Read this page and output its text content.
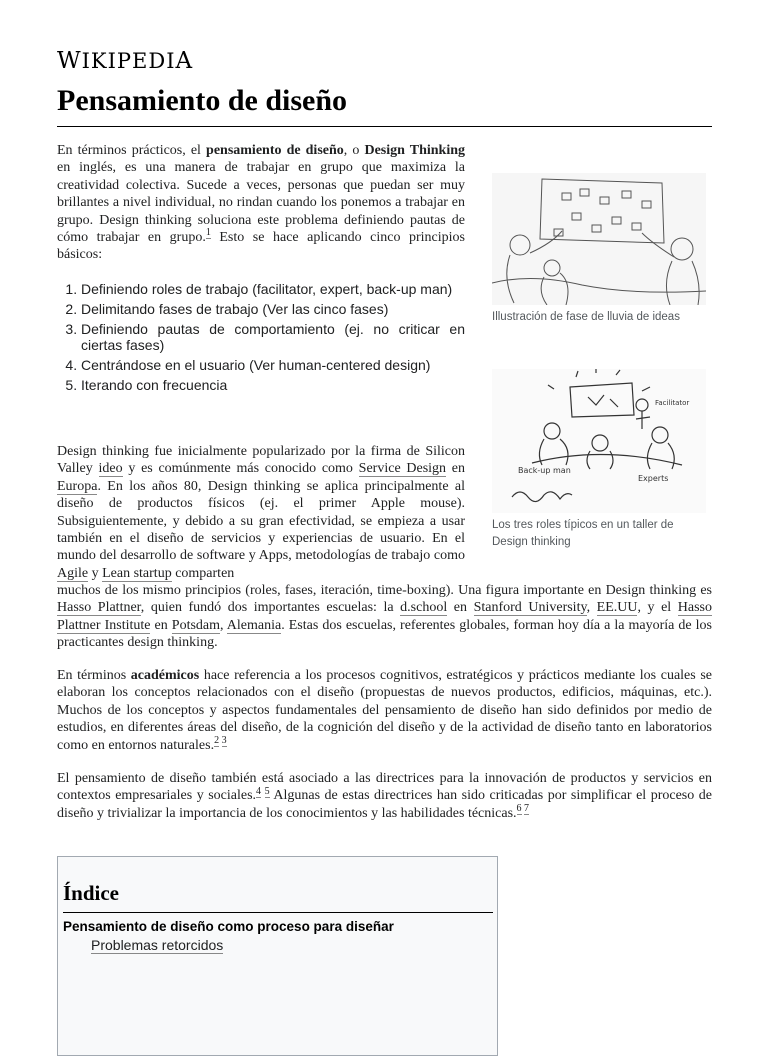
WIKIPEDIA
Pensamiento de diseño

En términos prácticos, el pensamiento de diseño, o Design Thinking en inglés, es una manera de trabajar en grupo que maximiza la creatividad colectiva. Sucede a veces, personas que puedan ser muy brillantes a nivel individual, no rindan cuando los ponemos a trabajar en grupo. Design thinking soluciona este problema definiendo pautas de cómo trabajar en grupo.$^1$ Esto se hace aplicando cinco principios básicos:

1. Definiendo roles de trabajo (facilitator, expert, back-up man)
2. Delimitando fases de trabajo (Ver las cinco fases)
3. Definiendo pautas de comportamiento (ej. no criticar en ciertas fases)
4. Centrándose en el usuario (Ver human-centered design)
5. Iterando con frecuencia

Design thinking fue inicialmente popularizado por la firma de Silicon Valley ideo y es comúnmente más conocido como Service Design en Europa. En los años 80, Design thinking se aplica principalmente al diseño de productos físicos (ej. el primer Apple mouse). Subsiguientemente, y debido a su gran efectividad, se empieza a usar también en el diseño de servicios y experiencias de usuario. En el mundo del desarrollo de software y Apps, metodologías de trabajo como Agile y Lean startup comparten

muchos de los mismo principios (roles, fases, iteración, time-boxing). Una figura importante en Design thinking es Hasso Plattner, quien fundó dos importantes escuelas: la d.school en Stanford University, EE.UU, y el Hasso Plattner Institute en Potsdam, Alemania. Estas dos escuelas, referentes globales, forman hoy día a la mayoría de los practicantes design thinking.

En términos académicos hace referencia a los procesos cognitivos, estratégicos y prácticos mediante los cuales se elaboran los conceptos relacionados con el diseño (propuestas de nuevos productos, edificios, máquinas, etc.). Muchos de los conceptos y aspectos fundamentales del pensamiento de diseño han sido definidos por medio de estudios, en diferentes áreas del diseño, de la cognición del diseño y de la actividad de diseño tanto en laboratorios como en entornos naturales.$^{2 3}$

El pensamiento de diseño también está asociado a las directrices para la innovación de productos y servicios en contextos empresariales y sociales.$^{4 5}$ Algunas de estas directrices han sido criticadas por simplificar el proceso de diseño y trivializar la importancia de los conocimientos y las habilidades técnicas.$^{6 7}$

Illustración de fase de lluvia de ideas
Facilitator
Back-up man
Experts
Los tres roles típicos en un taller de Design thinking
Índice
Pensamiento de diseño como proceso para diseñar
Problemas retorcidos
